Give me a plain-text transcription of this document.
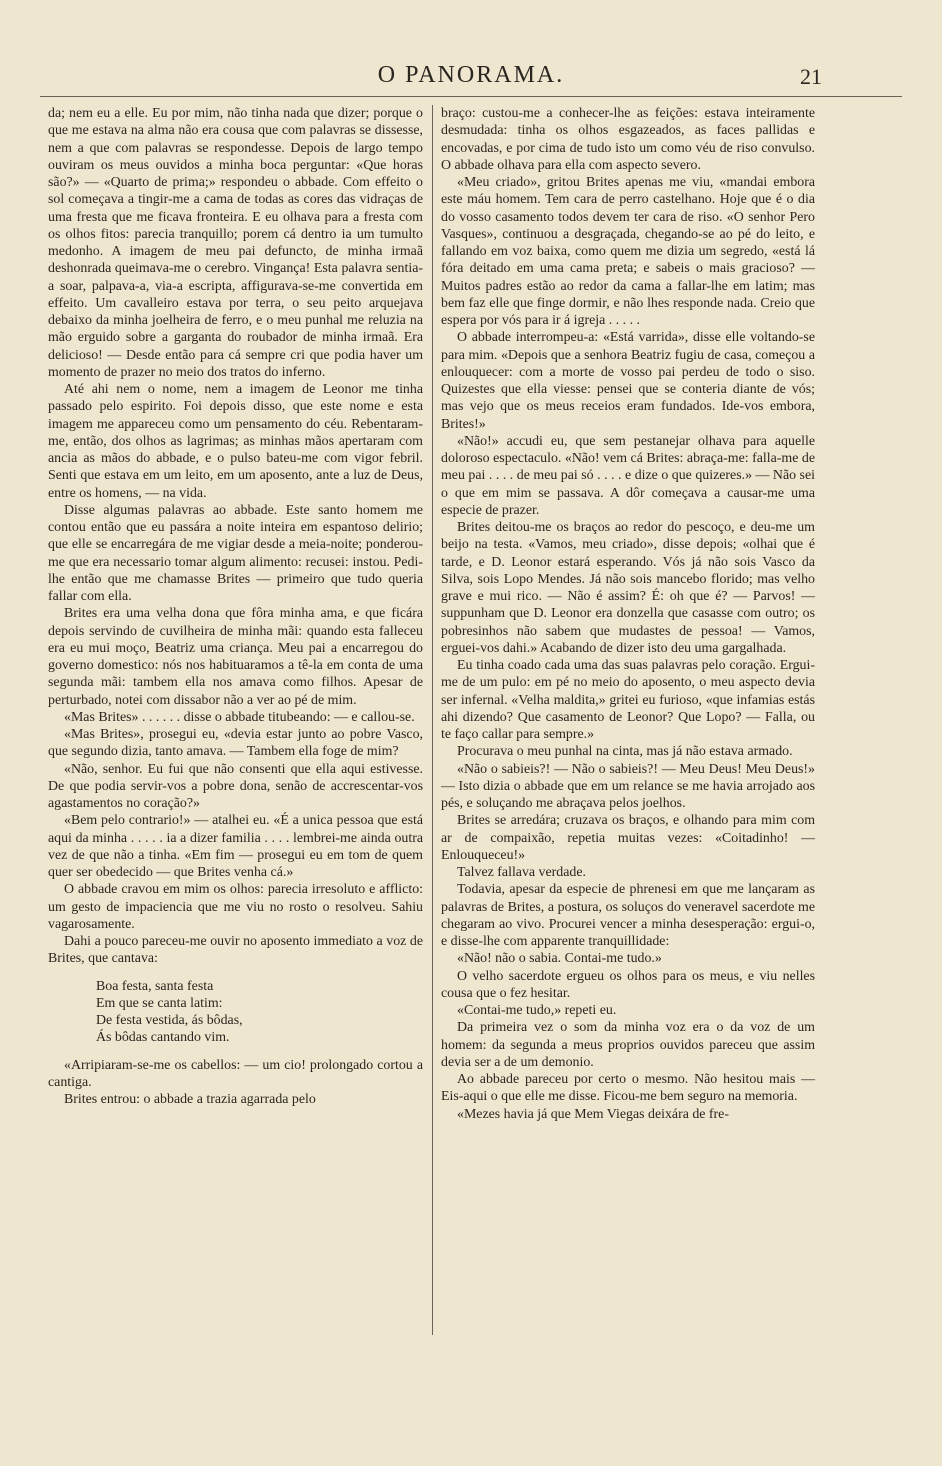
O PANORAMA.	21

da; nem eu a elle. Eu por mim, não tinha nada que dizer; porque o que me estava na alma não era cousa que com palavras se dissesse, nem a que com palavras se respondesse. Depois de largo tempo ouviram os meus ouvidos a minha boca perguntar: «Que horas são?» — «Quarto de prima;» respondeu o abbade. Com effeito o sol começava a tingir-me a cama de todas as cores das vidraças de uma fresta que me ficava fronteira. E eu olhava para a fresta com os olhos fitos: parecia tranquillo; porem cá dentro ia um tumulto medonho. A imagem de meu pai defuncto, de minha irmaã deshonrada queimava-me o cerebro. Vingança! Esta palavra sentia-a soar, palpava-a, via-a escripta, affigurava-se-me convertida em effeito. Um cavalleiro estava por terra, o seu peito arquejava debaixo da minha joelheira de ferro, e o meu punhal me reluzia na mão erguido sobre a garganta do roubador de minha irmaã. Era delicioso! — Desde então para cá sempre cri que podia haver um momento de prazer no meio dos tratos do inferno.

Até ahi nem o nome, nem a imagem de Leonor me tinha passado pelo espirito. Foi depois disso, que este nome e esta imagem me appareceu como um pensamento do céu. Rebentaram-me, então, dos olhos as lagrimas; as minhas mãos apertaram com ancia as mãos do abbade, e o pulso bateu-me com vigor febril. Senti que estava em um leito, em um aposento, ante a luz de Deus, entre os homens, — na vida.

Disse algumas palavras ao abbade. Este santo homem me contou então que eu passára a noite inteira em espantoso delirio; que elle se encarregára de me vigiar desde a meia-noite; ponderou-me que era necessario tomar algum alimento: recusei: instou. Pedi-lhe então que me chamasse Brites — primeiro que tudo queria fallar com ella.

Brites era uma velha dona que fôra minha ama, e que ficára depois servindo de cuvilheira de minha mãi: quando esta falleceu era eu mui moço, Beatriz uma criança. Meu pai a encarregou do governo domestico: nós nos habituaramos a tê-la em conta de uma segunda mãi: tambem ella nos amava como filhos. Apesar de perturbado, notei com dissabor não a ver ao pé de mim.

«Mas Brites» . . . . . . disse o abbade titubeando: — e callou-se.

«Mas Brites», prosegui eu, «devia estar junto ao pobre Vasco, que segundo dizia, tanto amava. — Tambem ella foge de mim?

«Não, senhor. Eu fui que não consenti que ella aqui estivesse. De que podia servir-vos a pobre dona, senão de accrescentar-vos agastamentos no coração?»

«Bem pelo contrario!» — atalhei eu. «É a unica pessoa que está aqui da minha . . . . . ia a dizer familia . . . . lembrei-me ainda outra vez de que não a tinha. «Em fim — prosegui eu em tom de quem quer ser obedecido — que Brites venha cá.»

O abbade cravou em mim os olhos: parecia irresoluto e afflicto: um gesto de impaciencia que me viu no rosto o resolveu. Sahiu vagarosamente.

Dahi a pouco pareceu-me ouvir no aposento immediato a voz de Brites, que cantava:

Boa festa, santa festa
Em que se canta latim:
De festa vestida, ás bôdas,
Ás bôdas cantando vim.

«Arripiaram-se-me os cabellos: — um cio! prolongado cortou a cantiga.

Brites entrou: o abbade a trazia agarrada pelo

braço: custou-me a conhecer-lhe as feições: estava inteiramente desmudada: tinha os olhos esgazeados, as faces pallidas e encovadas, e por cima de tudo isto um como véu de riso convulso. O abbade olhava para ella com aspecto severo.

«Meu criado», gritou Brites apenas me viu, «mandai embora este máu homem. Tem cara de perro castelhano. Hoje que é o dia do vosso casamento todos devem ter cara de riso. «O senhor Pero Vasques», continuou a desgraçada, chegando-se ao pé do leito, e fallando em voz baixa, como quem me dizia um segredo, «está lá fóra deitado em uma cama preta; e sabeis o mais gracioso? — Muitos padres estão ao redor da cama a fallar-lhe em latim; mas bem faz elle que finge dormir, e não lhes responde nada. Creio que espera por vós para ir á igreja . . . . .

O abbade interrompeu-a: «Está varrida», disse elle voltando-se para mim. «Depois que a senhora Beatriz fugiu de casa, começou a enlouquecer: com a morte de vosso pai perdeu de todo o siso. Quizestes que ella viesse: pensei que se conteria diante de vós; mas vejo que os meus receios eram fundados. Ide-vos embora, Brites!»

«Não!» accudi eu, que sem pestanejar olhava para aquelle doloroso espectaculo. «Não! vem cá Brites: abraça-me: falla-me de meu pai . . . . de meu pai só . . . . e dize o que quizeres.» — Não sei o que em mim se passava. A dôr começava a causar-me uma especie de prazer.

Brites deitou-me os braços ao redor do pescoço, e deu-me um beijo na testa. «Vamos, meu criado», disse depois; «olhai que é tarde, e D. Leonor estará esperando. Vós já não sois Vasco da Silva, sois Lopo Mendes. Já não sois mancebo florido; mas velho grave e mui rico. — Não é assim? É: oh que é? — Parvos! — suppunham que D. Leonor era donzella que casasse com outro; os pobresinhos não sabem que mudastes de pessoa! — Vamos, erguei-vos dahi.» Acabando de dizer isto deu uma gargalhada.

Eu tinha coado cada uma das suas palavras pelo coração. Ergui-me de um pulo: em pé no meio do aposento, o meu aspecto devia ser infernal. «Velha maldita,» gritei eu furioso, «que infamias estás ahi dizendo? Que casamento de Leonor? Que Lopo? — Falla, ou te faço callar para sempre.»

Procurava o meu punhal na cinta, mas já não estava armado.

«Não o sabieis?! — Não o sabieis?! — Meu Deus! Meu Deus!» — Isto dizia o abbade que em um relance se me havia arrojado aos pés, e soluçando me abraçava pelos joelhos.

Brites se arredára; cruzava os braços, e olhando para mim com ar de compaixão, repetia muitas vezes: «Coitadinho! — Enlouqueceu!»

Talvez fallava verdade.

Todavia, apesar da especie de phrenesi em que me lançaram as palavras de Brites, a postura, os soluços do veneravel sacerdote me chegaram ao vivo. Procurei vencer a minha desesperação: ergui-o, e disse-lhe com apparente tranquillidade:

«Não! não o sabia. Contai-me tudo.»

O velho sacerdote ergueu os olhos para os meus, e viu nelles cousa que o fez hesitar.

«Contai-me tudo,» repeti eu.

Da primeira vez o som da minha voz era o da voz de um homem: da segunda a meus proprios ouvidos pareceu que assim devia ser a de um demonio.

Ao abbade pareceu por certo o mesmo. Não hesitou mais — Eis-aqui o que elle me disse. Ficou-me bem seguro na memoria.

«Mezes havia já que Mem Viegas deixára de fre-
